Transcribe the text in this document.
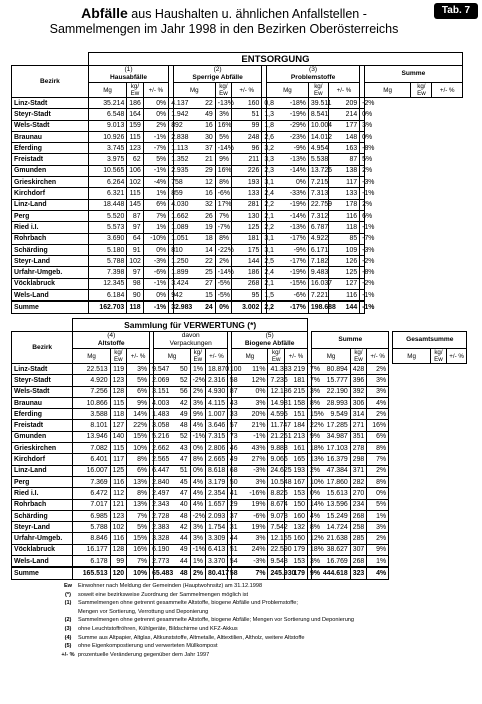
Abfälle aus Haushalten u. ähnlichen Anfallstellen -
Sammelmengen im Jahr 1998 in den Bezirken Oberösterreichs
Tab. 7
	ENTSORGUNG														
Bezirk	(1)
Hausabfälle				(2)
Sperrige Abfälle				(3)
Problemstoffe				Summe		
	Mg	kg/
Ew	+/- %		Mg	kg/
Ew	+/- %		Mg	kg/
Ew	+/- %		Mg	kg/
Ew	+/- %
Linz-Stadt	35.214	186	0%	4.137	22	-13%	160	0,8	-18%	39.511	209	-2%			
Steyr-Stadt	6.548	164	0%	1.942	49	3%	51	1,3	-19%	8.541	214	0%			
Wels-Stadt	9.013	159	2%	892	16	16%	99	1,8	-29%	10.004	177	3%			
Braunau	10.926	115	-1%	2.838	30	5%	248	2,6	-23%	14.012	148	0%			
Eferding	3.745	123	-7%	1.113	37	-14%	96	3,2	-9%	4.954	163	-8%			
Freistadt	3.975	62	5%	1.352	21	9%	211	3,3	-13%	5.538	87	5%			
Gmunden	10.565	106	-1%	2.935	29	16%	226	2,3	-14%	13.726	138	2%			
Grieskirchen	6.264	102	-4%	758	12	8%	193	3,1	0%	7.215	117	-3%			
Kirchdorf	6.321	115	1%	859	16	-6%	133	2,4	-33%	7.313	133	-1%			
Linz-Land	18.448	145	6%	4.030	32	17%	281	2,2	-19%	22.759	178	2%			
Perg	5.520	87	7%	1.662	26	7%	130	2,1	-14%	7.312	116	6%			
Ried i.I.	5.573	97	1%	1.089	19	-7%	125	2,2	-13%	6.787	118	-1%			
Rohrbach	3.690	64	-10%	1.051	18	8%	181	3,1	-17%	4.922	85	-7%			
Schärding	5.180	91	0%	810	14	-22%	175	3,1	-9%	6.171	109	-3%			
Steyr-Land	5.788	102	-3%	1.250	22	2%	144	2,5	-17%	7.182	126	-2%			
Urfahr-Umgeb.	7.398	97	-6%	1.899	25	-14%	186	2,4	-19%	9.483	125	-8%			
Vöcklabruck	12.345	98	-1%	3.424	27	-5%	268	2,1	-15%	16.037	127	-2%			
Wels-Land	6.184	90	0%	942	15	-5%	95	1,5	-6%	7.221	116	-1%			
Summe	162.703	118	-1%	32.983	24	0%	3.002	2,2	-17%	198.688	144	-1%			
	Sammlung für VERWERTUNG (*)																		
Bezirk	(4)
Altstoffe				davon
Verpackungen				(5)
Biogene Abfälle				Summe				Gesamtsumme		
	Mg	kg/
Ew	+/- %		Mg	kg/
Ew	+/- %		Mg	kg/
Ew	+/- %		Mg	kg/
Ew	+/- %		Mg	kg/
Ew	+/- %
Linz-Stadt	22.513	119	3%	9.547	50	1%	18.870	100	11%	41.383	219	7%	80.894	428	2%				
Steyr-Stadt	4.920	123	5%	2.069	52	-2%	2.316	58	12%	7.236	181	7%	15.777	396	3%				
Wels-Stadt	7.256	128	6%	3.151	56	2%	4.930	87	0%	12.186	215	3%	22.190	392	3%				
Braunau	10.866	115	9%	4.003	42	3%	4.115	43	3%	14.981	158	8%	28.993	306	4%				
Eferding	3.588	118	14%	1.483	49	9%	1.007	33	20%	4.595	151	15%	9.549	314	2%				
Freistadt	8.101	127	22%	3.058	48	4%	3.646	57	21%	11.747	184	22%	17.285	271	16%				
Gmunden	13.946	140	15%	5.216	52	-1%	7.315	73	-1%	21.261	213	9%	34.987	351	6%				
Grieskirchen	7.082	115	10%	2.662	43	0%	2.806	46	43%	9.888	161	18%	17.103	278	8%				
Kirchdorf	6.401	117	8%	2.565	47	8%	2.665	49	27%	9.066	165	13%	16.379	298	7%				
Linz-Land	16.007	125	6%	6.447	51	0%	8.618	68	-3%	24.625	193	2%	47.384	371	2%				
Perg	7.369	116	13%	2.840	45	4%	3.179	50	3%	10.548	167	10%	17.860	282	8%				
Ried i.I.	6.472	112	8%	2.497	47	4%	2.354	41	-16%	8.826	153	0%	15.613	270	0%				
Rohrbach	7.017	121	13%	2.343	40	4%	1.657	29	19%	8.674	150	14%	13.596	234	5%				
Schärding	6.985	123	7%	2.728	48	-2%	2.093	37	-6%	9.078	160	4%	15.249	268	1%				
Steyr-Land	5.788	102	5%	2.383	42	3%	1.754	31	19%	7.542	132	8%	14.724	258	3%				
Urfahr-Umgeb.	8.846	116	15%	3.328	44	3%	3.309	44	3%	12.155	160	12%	21.638	285	2%				
Vöcklabruck	16.177	128	16%	6.190	49	-1%	6.413	51	24%	22.590	179	18%	38.627	307	9%				
Wels-Land	6.178	99	7%	2.773	44	1%	3.370	54	-3%	9.548	153	3%	16.769	268	1%				
Summe	165.513	120	10%	65.483	48	2%	80.417	58	7%	245.930	179	9%	444.618	323	4%				
Ew	Einwohner nach Meldung der Gemeinden (Hauptwohnsitz) am 31.12.1998
(*)	soweit eine bezirksweise Zuordnung der Sammelmengen möglich ist
(1)	Sammelmengen ohne getrennt gesammelte Altstoffe, biogene Abfälle und Problemstoffe;
Mengen vor Sortierung, Verrottung und Deponierung
(2)	Sammelmengen ohne getrennt gesammelte Altstoffe, biogene Abfälle; Mengen vor Sortierung und Deponierung
(3)	ohne Leuchtstoffröhren, Kühlgeräte, Bildschirme und KFZ-Akkus
(4)	Summe aus Altpapier, Altglas, Altkunststoffe, Altmetalle, Alttextilien, Altholz, weitere Altstoffe
(5)	ohne Eigenkompostierung und verwerteten Müllkompost
+/- % prozentuelle Veränderung gegenüber dem Jahr 1997
